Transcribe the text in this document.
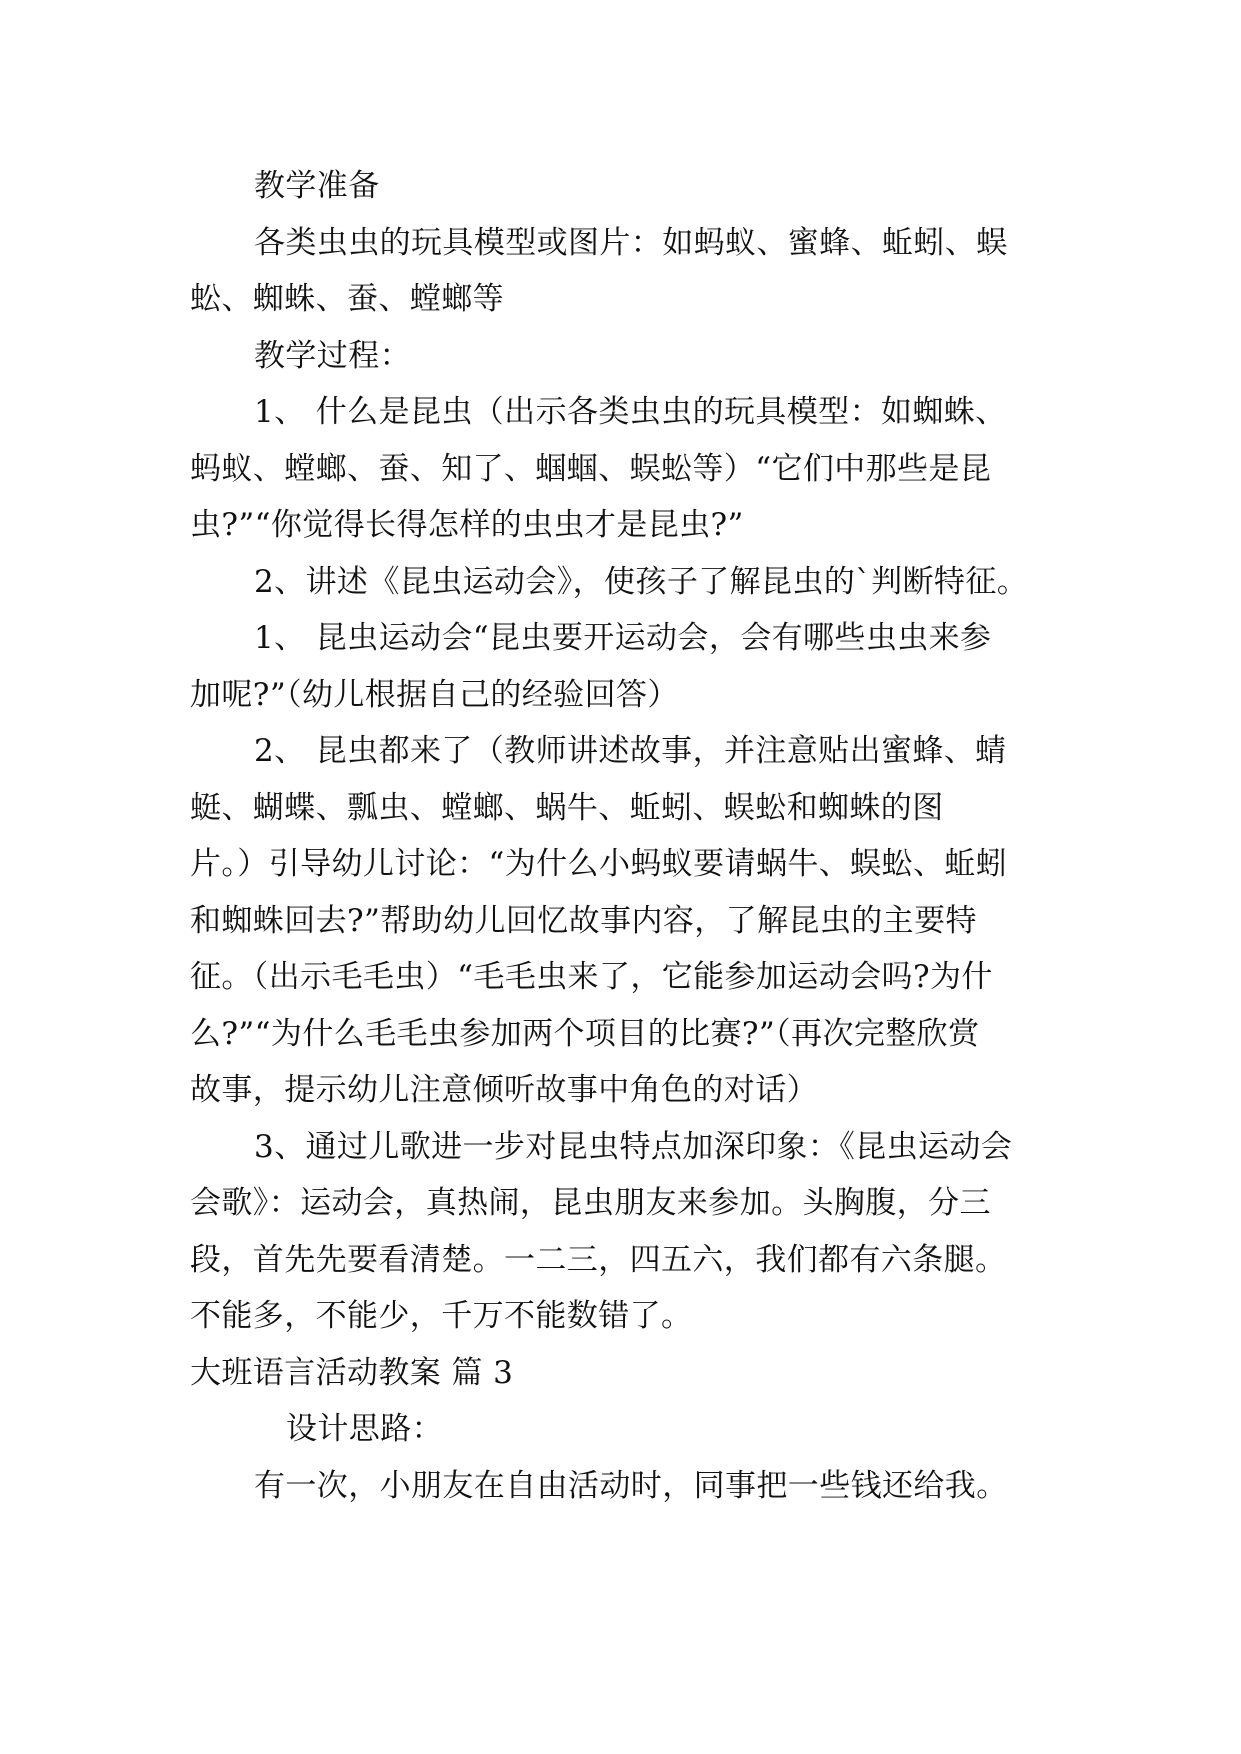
教学准备

各类虫虫的玩具模型或图片：如蚂蚁、蜜蜂、蚯蚓、蜈

蚣、蜘蛛、蚕、螳螂等

教学过程：

1、 什么是昆虫（出示各类虫虫的玩具模型：如蜘蛛、

蚂蚁、螳螂、蚕、知了、蝈蝈、蜈蚣等）“它们中那些是昆

虫?”“你觉得长得怎样的虫虫才是昆虫?”

2、讲述《昆虫运动会》，使孩子了解昆虫的`判断特征。

1、 昆虫运动会“昆虫要开运动会，会有哪些虫虫来参

加呢?”（幼儿根据自己的经验回答）

2、 昆虫都来了（教师讲述故事，并注意贴出蜜蜂、蜻

蜓、蝴蝶、瓢虫、螳螂、蜗牛、蚯蚓、蜈蚣和蜘蛛的图

片。）引导幼儿讨论：“为什么小蚂蚁要请蜗牛、蜈蚣、蚯蚓

和蜘蛛回去?”帮助幼儿回忆故事内容，了解昆虫的主要特

征。（出示毛毛虫）“毛毛虫来了，它能参加运动会吗?为什

么?”“为什么毛毛虫参加两个项目的比赛?”（再次完整欣赏

故事，提示幼儿注意倾听故事中角色的对话）

3、通过儿歌进一步对昆虫特点加深印象：《昆虫运动会

会歌》：运动会，真热闹，昆虫朋友来参加。头胸腹，分三

段，首先先要看清楚。一二三，四五六，我们都有六条腿。

不能多，不能少，千万不能数错了。

大班语言活动教案 篇 3

设计思路：

有一次，小朋友在自由活动时，同事把一些钱还给我。
